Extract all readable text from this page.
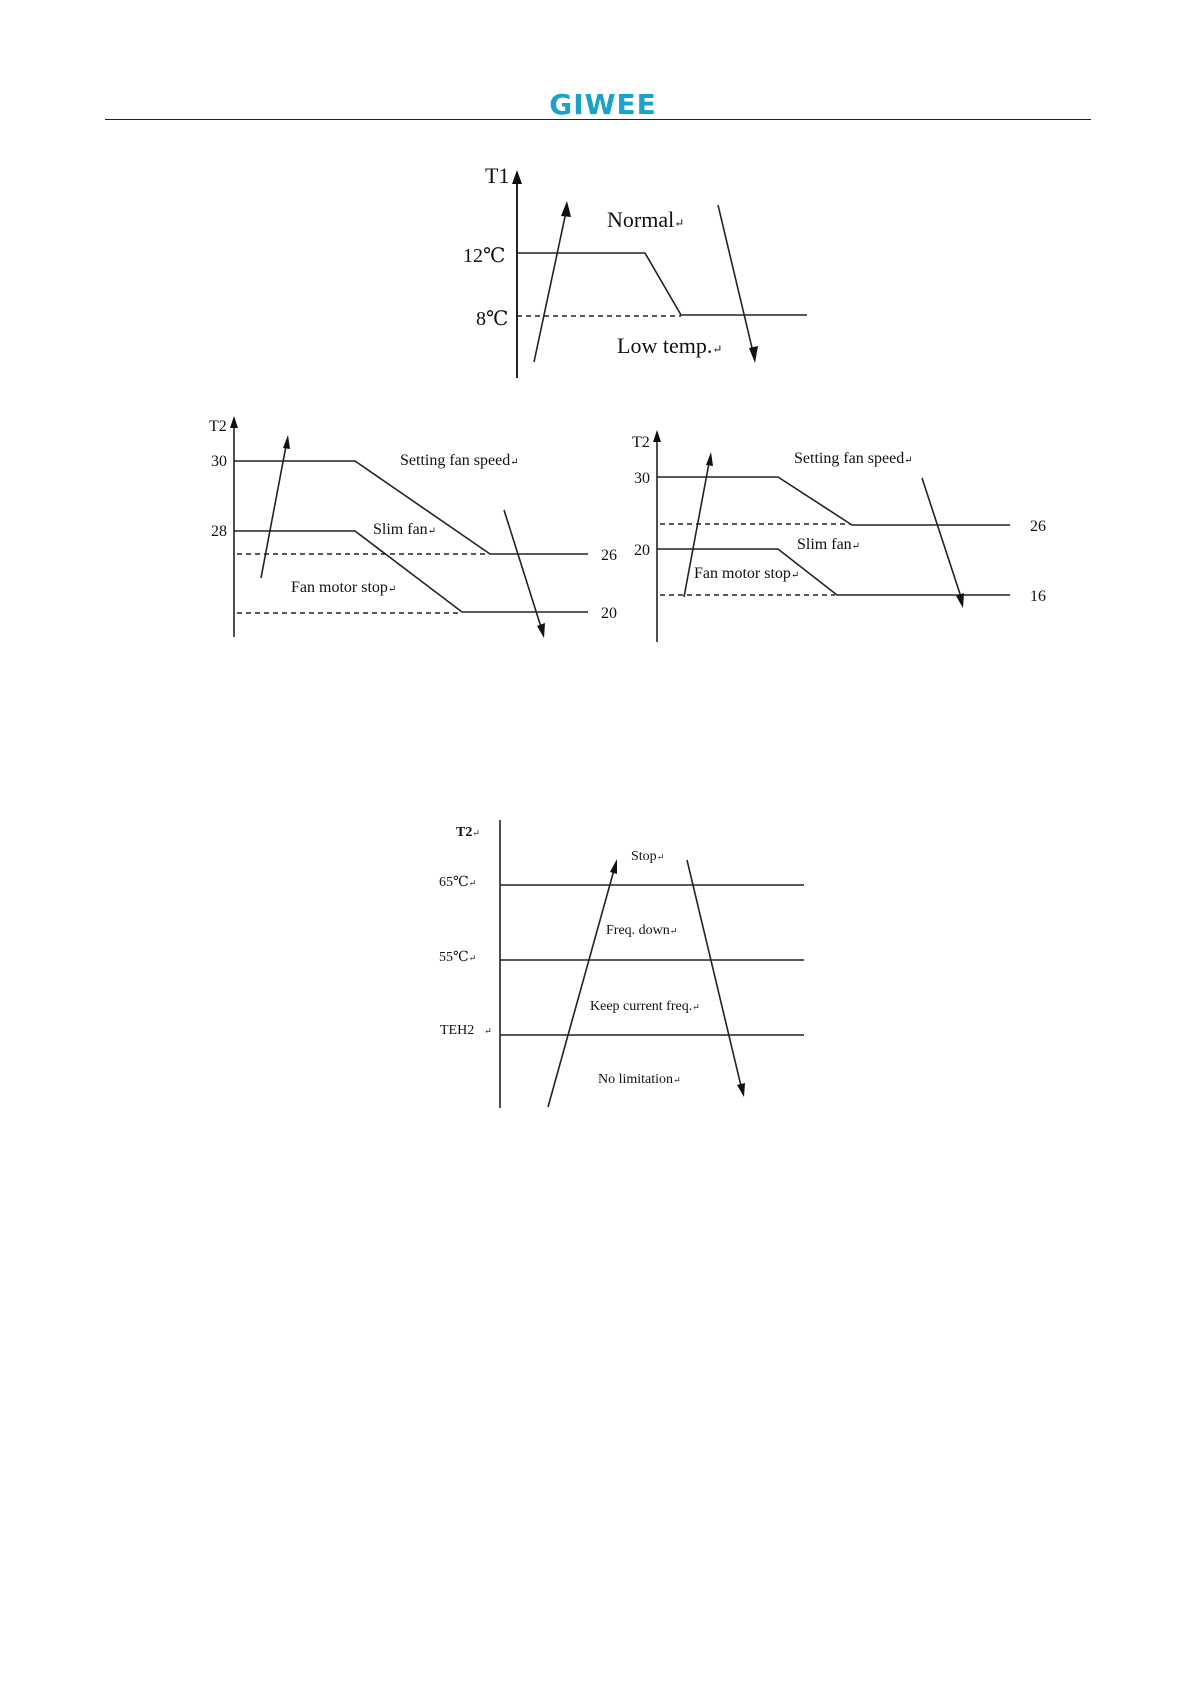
GIWEE
T1
12℃
8℃
Normal↵
Low temp.↵
T2
30
28
Setting fan speed↵
Slim fan↵
Fan motor stop↵
26
20
T2
30
20
Setting fan speed↵
Slim fan↵
Fan motor stop↵
26
16
T2↵
65℃↵
55℃↵
TEH2 ↵
Stop↵
Freq. down↵
Keep current freq.↵
No limitation↵
